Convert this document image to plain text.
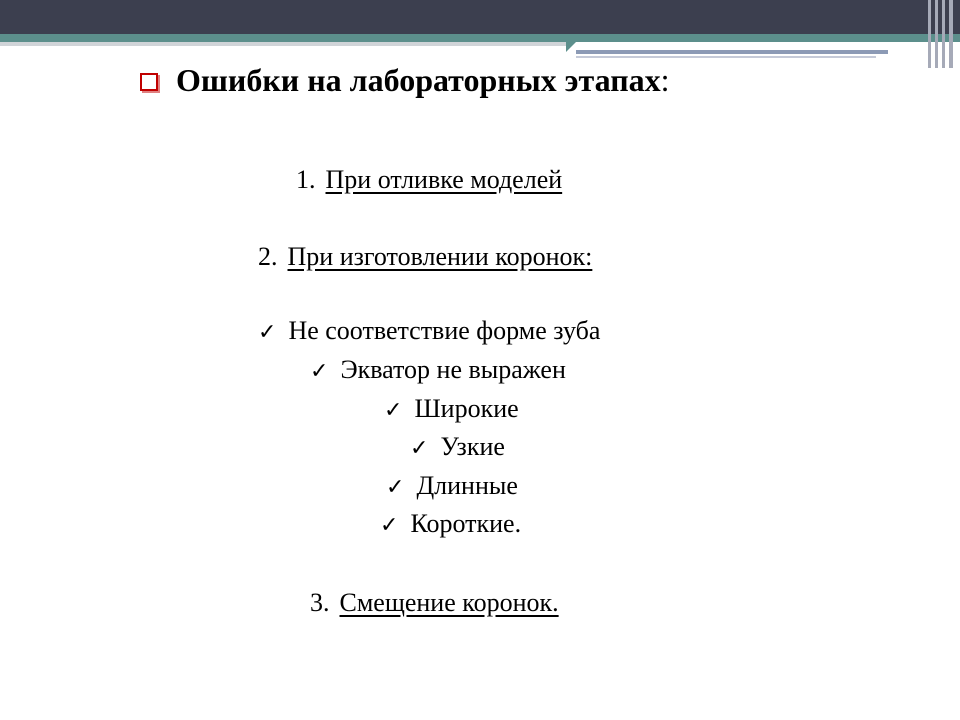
Ошибки на лабораторных этапах :
1. При отливке моделей
2. При изготовлении коронок:
✓ Не соответствие форме зуба
✓ Экватор не выражен
✓ Широкие
✓ Узкие
✓ Длинные
✓ Короткие.
3. Смещение коронок.
